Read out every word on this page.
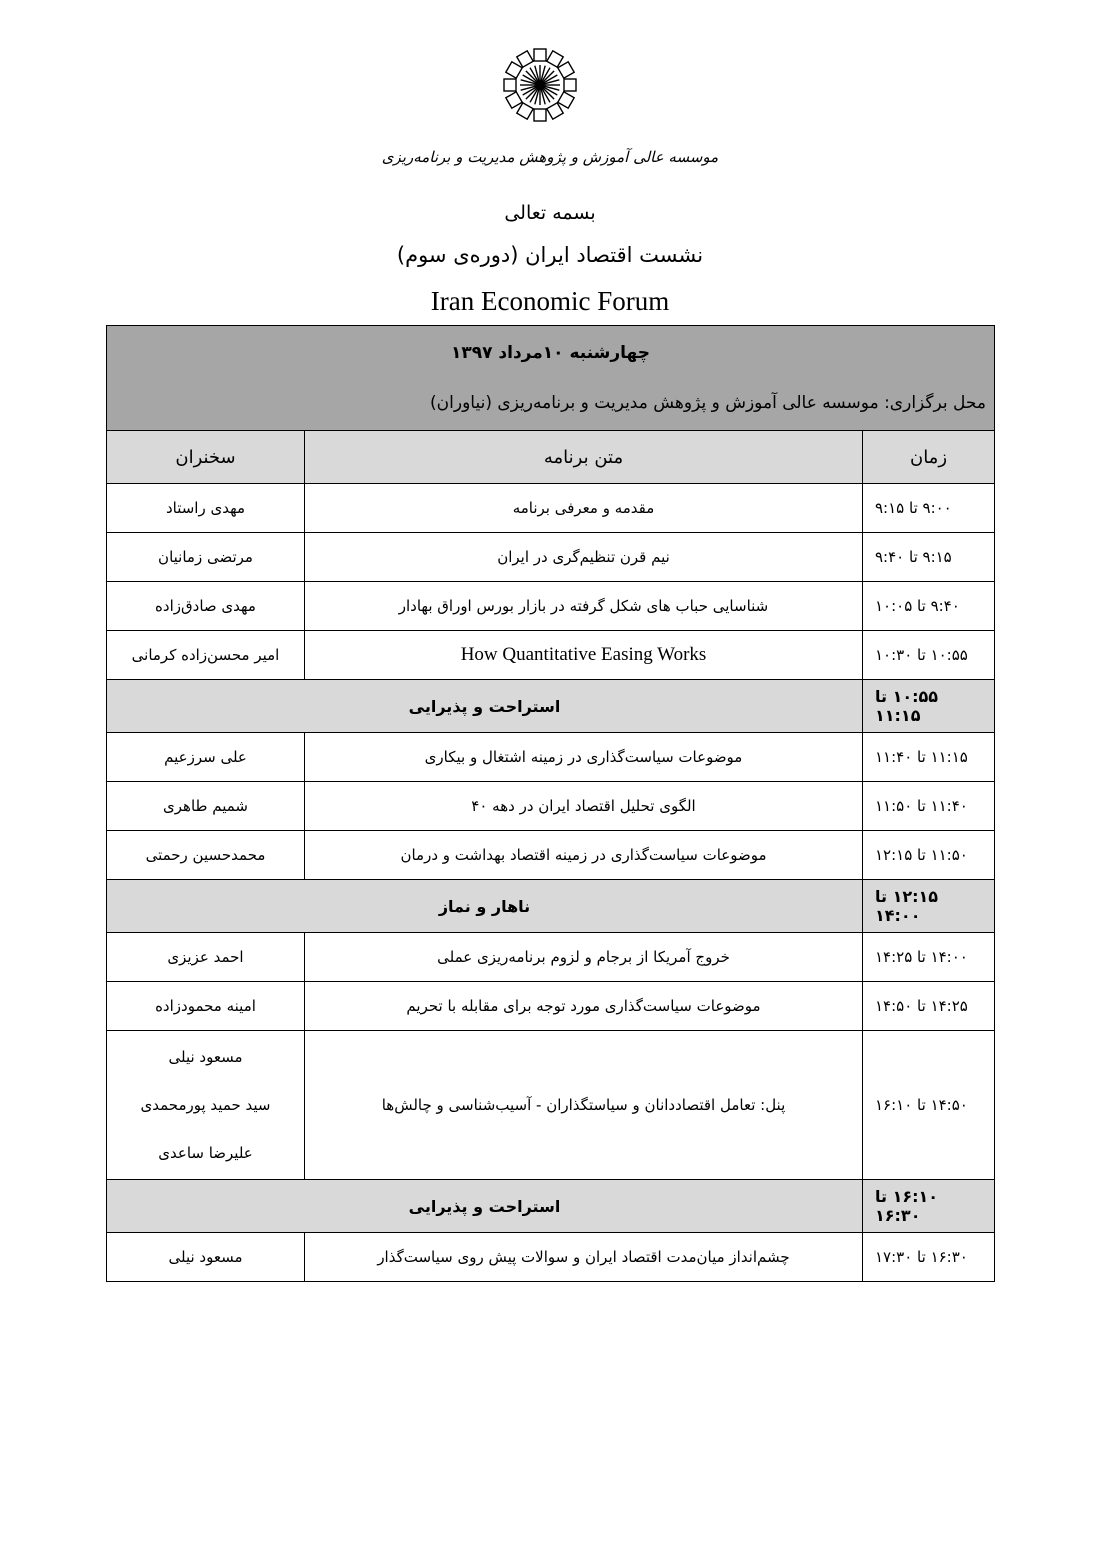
موسسه عالی آموزش و پژوهش مدیریت و برنامه‌ریزی
بسمه تعالی
نشست اقتصاد ایران (دوره‌ی سوم)
Iran Economic Forum
چهارشنبه ۱۰مرداد ۱۳۹۷
محل برگزاری: موسسه عالی آموزش و پژوهش مدیریت و برنامه‌ریزی (نیاوران)		

سخنران	متن برنامه	زمان

مهدی راستاد	مقدمه و معرفی برنامه	۹:۰۰ تا ۹:۱۵

مرتضی زمانیان	نیم قرن تنظیم‌گری در ایران	۹:۱۵ تا ۹:۴۰

مهدی صادق‌زاده	شناسایی حباب های شکل گرفته در بازار بورس اوراق بهادار	۹:۴۰ تا ۱۰:۰۵

امیر محسن‌زاده کرمانی	How Quantitative Easing Works	۱۰:۵۵ تا ۱۰:۳۰
استراحت و پذیرایی		۱۰:۵۵ تا ۱۱:۱۵

علی سرزعیم	موضوعات سیاست‌گذاری در زمینه اشتغال و بیکاری	۱۱:۱۵ تا ۱۱:۴۰

شمیم طاهری	الگوی تحلیل اقتصاد ایران در دهه ۴۰	۱۱:۴۰ تا ۱۱:۵۰

محمدحسین رحمتی	موضوعات سیاست‌گذاری در زمینه اقتصاد بهداشت و درمان	۱۱:۵۰ تا ۱۲:۱۵
ناهار و نماز		۱۲:۱۵ تا ۱۴:۰۰

احمد عزیزی	خروج آمریکا از برجام و لزوم برنامه‌ریزی عملی	۱۴:۰۰ تا ۱۴:۲۵

امینه محمودزاده	موضوعات سیاست‌گذاری مورد توجه برای مقابله با تحریم	۱۴:۲۵ تا ۱۴:۵۰

مسعود نیلی
سید حمید پورمحمدی
علیرضا ساعدی	پنل: تعامل اقتصاددانان و سیاستگذاران - آسیب‌شناسی و چالش‌ها	۱۴:۵۰ تا ۱۶:۱۰
استراحت و پذیرایی		۱۶:۱۰ تا ۱۶:۳۰

مسعود نیلی	چشم‌انداز میان‌مدت اقتصاد ایران و سوالات پیش روی سیاست‌گذار	۱۶:۳۰ تا ۱۷:۳۰
